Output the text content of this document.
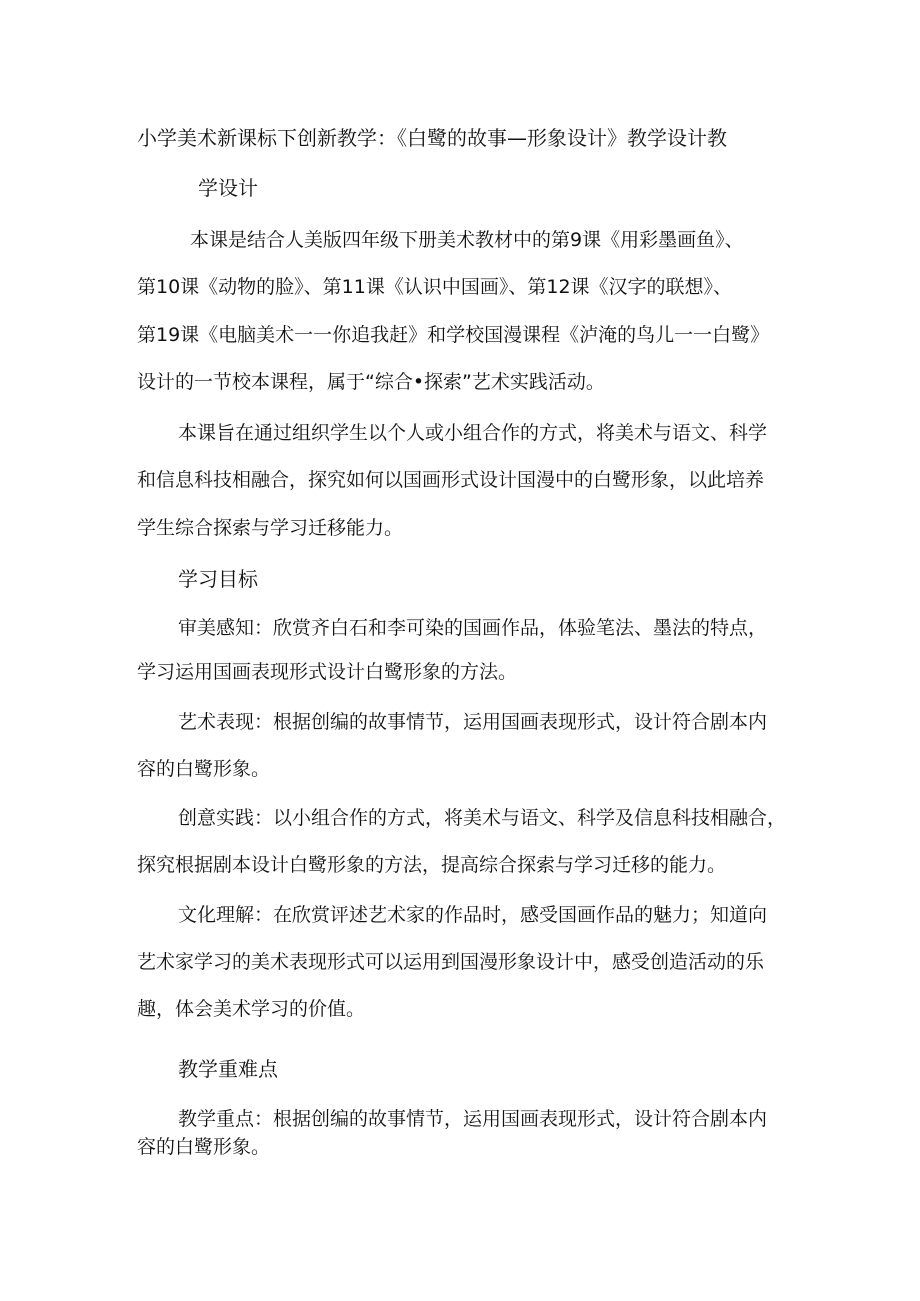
小学美术新课标下创新教学：《白鹭的故事—形象设计》教学设计教
学设计
本课是结合人美版四年级下册美术教材中的第9课《用彩墨画鱼》、
第10课《动物的脸》、第11课《认识中国画》、第12课《汉字的联想》、
第19课《电脑美术一一你追我赶》和学校国漫课程《泸淹的鸟儿一一白鹭》
设计的一节校本课程，属于“综合•探索”艺术实践活动。
本课旨在通过组织学生以个人或小组合作的方式，将美术与语文、科学
和信息科技相融合，探究如何以国画形式设计国漫中的白鹭形象，以此培养
学生综合探索与学习迁移能力。
学习目标
审美感知：欣赏齐白石和李可染的国画作品，体验笔法、墨法的特点，
学习运用国画表现形式设计白鹭形象的方法。
艺术表现：根据创编的故事情节，运用国画表现形式，设计符合剧本内
容的白鹭形象。
创意实践：以小组合作的方式，将美术与语文、科学及信息科技相融合，
探究根据剧本设计白鹭形象的方法，提高综合探索与学习迁移的能力。
文化理解：在欣赏评述艺术家的作品时，感受国画作品的魅力；知道向
艺术家学习的美术表现形式可以运用到国漫形象设计中，感受创造活动的乐
趣，体会美术学习的价值。
教学重难点
教学重点：根据创编的故事情节，运用国画表现形式，设计符合剧本内
容的白鹭形象。
